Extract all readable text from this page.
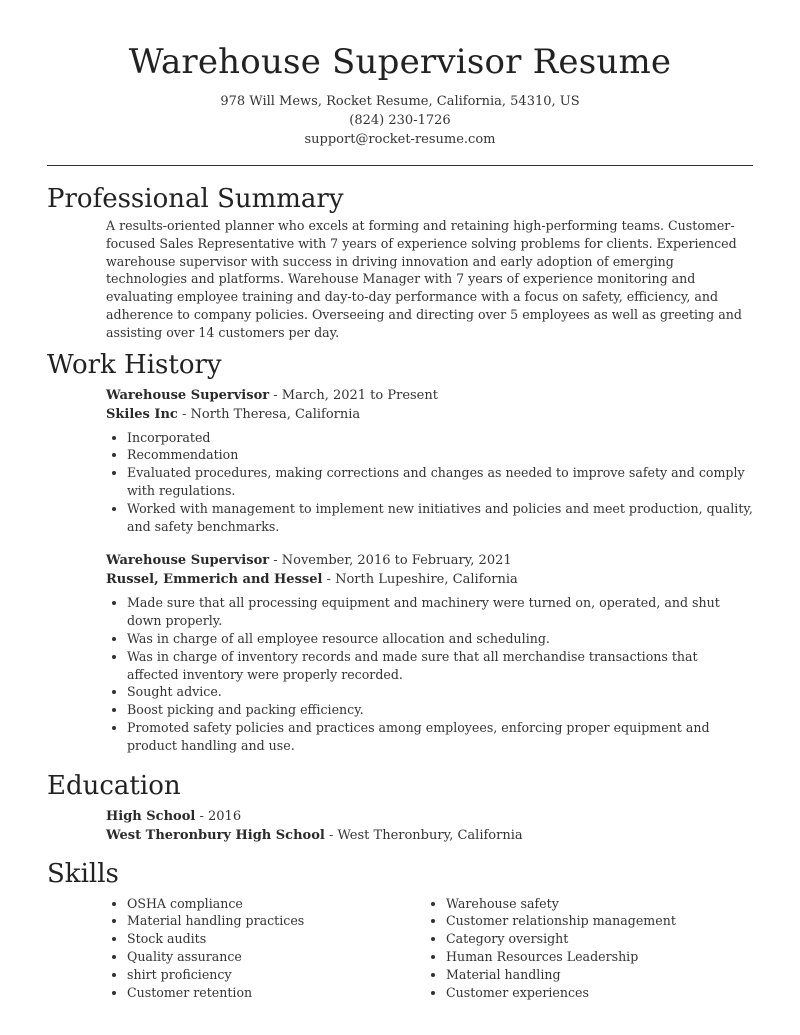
Warehouse Supervisor Resume
978 Will Mews, Rocket Resume, California, 54310, US
(824) 230-1726
support@rocket-resume.com
Professional Summary

A results-oriented planner who excels at forming and retaining high-performing teams. Customer-focused Sales Representative with 7 years of experience solving problems for clients. Experienced warehouse supervisor with success in driving innovation and early adoption of emerging technologies and platforms. Warehouse Manager with 7 years of experience monitoring and evaluating employee training and day-to-day performance with a focus on safety, efficiency, and adherence to company policies. Overseeing and directing over 5 employees as well as greeting and assisting over 14 customers per day.

Work History
Warehouse Supervisor - March, 2021 to Present
Skiles Inc - North Theresa, California
• Incorporated
• Recommendation
• Evaluated procedures, making corrections and changes as needed to improve safety and comply with regulations.
• Worked with management to implement new initiatives and policies and meet production, quality, and safety benchmarks.
Warehouse Supervisor - November, 2016 to February, 2021
Russel, Emmerich and Hessel - North Lupeshire, California
• Made sure that all processing equipment and machinery were turned on, operated, and shut down properly.
• Was in charge of all employee resource allocation and scheduling.
• Was in charge of inventory records and made sure that all merchandise transactions that affected inventory were properly recorded.
• Sought advice.
• Boost picking and packing efficiency.
• Promoted safety policies and practices among employees, enforcing proper equipment and product handling and use.
Education
High School - 2016
West Theronbury High School - West Theronbury, California
Skills
• OSHA compliance
• Material handling practices
• Stock audits
• Quality assurance
• shirt proficiency
• Customer retention
• Warehouse safety
• Customer relationship management
• Category oversight
• Human Resources Leadership
• Material handling
• Customer experiences
